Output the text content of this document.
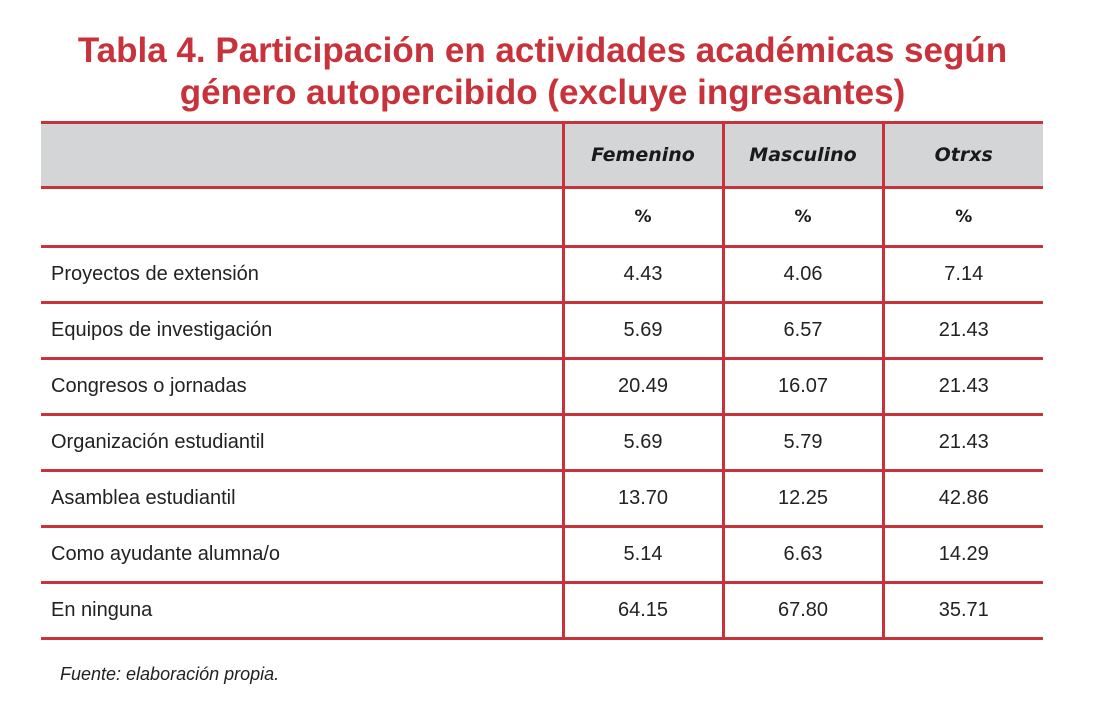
Tabla 4. Participación en actividades académicas según
género autopercibido (excluye ingresantes)
	Femenino	Masculino	Otrxs
	%	%	%
Proyectos de extensión	4.43	4.06	7.14
Equipos de investigación	5.69	6.57	21.43
Congresos o jornadas	20.49	16.07	21.43
Organización estudiantil	5.69	5.79	21.43
Asamblea estudiantil	13.70	12.25	42.86
Como ayudante alumna/o	5.14	6.63	14.29
En ninguna	64.15	67.80	35.71

Fuente: elaboración propia.
